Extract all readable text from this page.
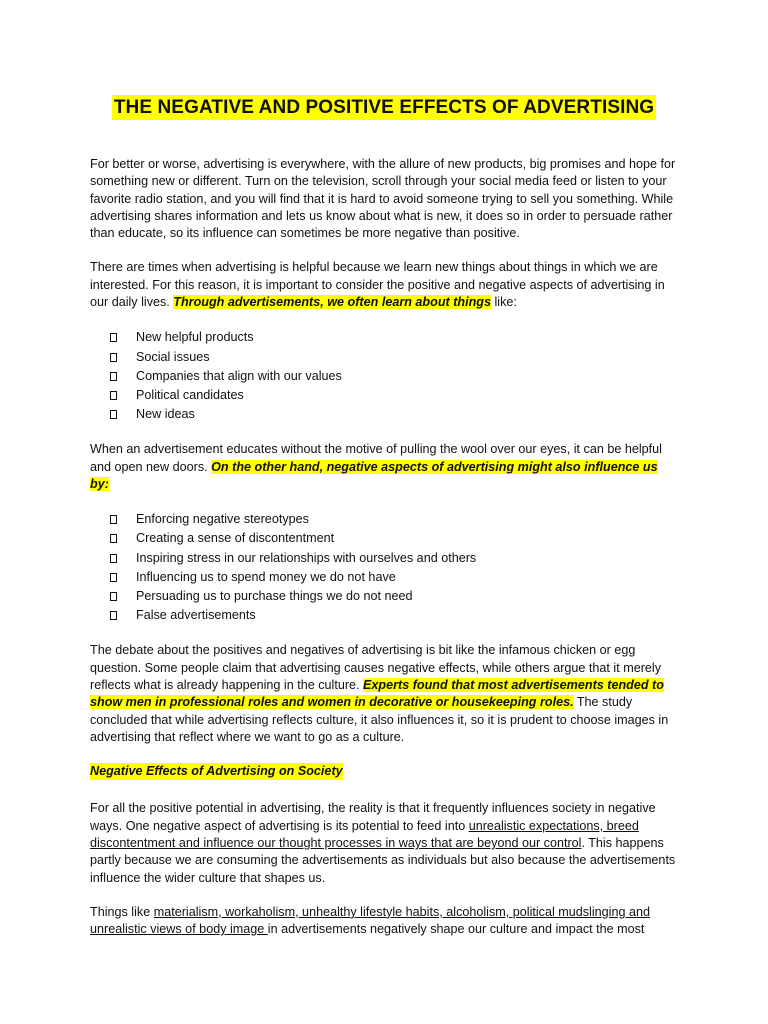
THE NEGATIVE AND POSITIVE EFFECTS OF ADVERTISING

For better or worse, advertising is everywhere, with the allure of new products, big promises and hope for something new or different. Turn on the television, scroll through your social media feed or listen to your favorite radio station, and you will find that it is hard to avoid someone trying to sell you something. While advertising shares information and lets us know about what is new, it does so in order to persuade rather than educate, so its influence can sometimes be more negative than positive.

There are times when advertising is helpful because we learn new things about things in which we are interested. For this reason, it is important to consider the positive and negative aspects of advertising in our daily lives. Through advertisements, we often learn about things like:

New helpful products
Social issues
Companies that align with our values
Political candidates
New ideas

When an advertisement educates without the motive of pulling the wool over our eyes, it can be helpful and open new doors. On the other hand, negative aspects of advertising might also influence us by:

Enforcing negative stereotypes
Creating a sense of discontentment
Inspiring stress in our relationships with ourselves and others
Influencing us to spend money we do not have
Persuading us to purchase things we do not need
False advertisements

The debate about the positives and negatives of advertising is bit like the infamous chicken or egg question. Some people claim that advertising causes negative effects, while others argue that it merely reflects what is already happening in the culture. Experts found that most advertisements tended to show men in professional roles and women in decorative or housekeeping roles. The study concluded that while advertising reflects culture, it also influences it, so it is prudent to choose images in advertising that reflect where we want to go as a culture.

Negative Effects of Advertising on Society

For all the positive potential in advertising, the reality is that it frequently influences society in negative ways. One negative aspect of advertising is its potential to feed into unrealistic expectations, breed discontentment and influence our thought processes in ways that are beyond our control. This happens partly because we are consuming the advertisements as individuals but also because the advertisements influence the wider culture that shapes us.

Things like materialism, workaholism, unhealthy lifestyle habits, alcoholism, political mudslinging and unrealistic views of body image in advertisements negatively shape our culture and impact the most
